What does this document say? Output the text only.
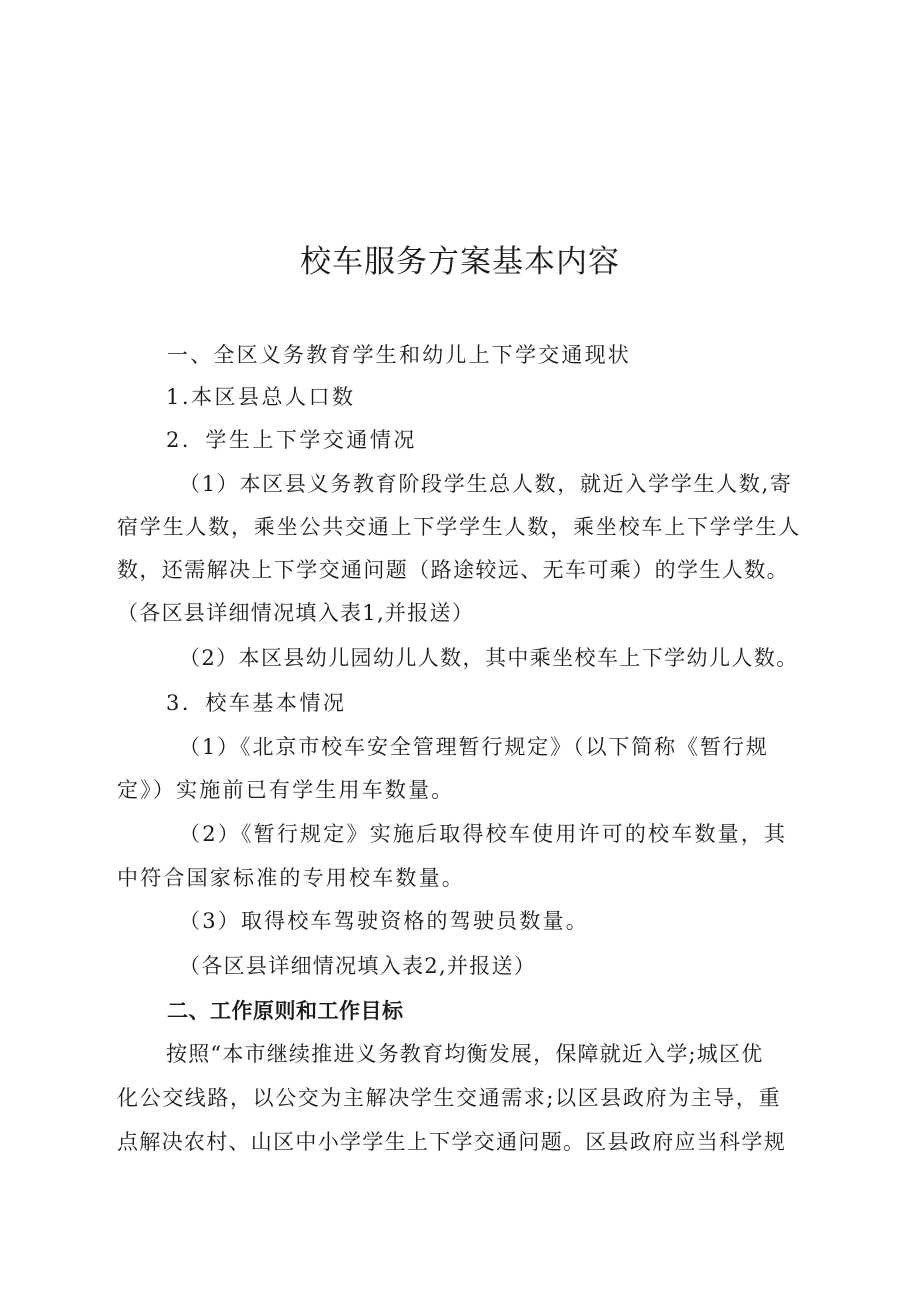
校车服务方案基本内容

一、全区义务教育学生和幼儿上下学交通现状

1.本区县总人口数

2．学生上下学交通情况

（1）本区县义务教育阶段学生总人数，就近入学学生人数,寄

宿学生人数，乘坐公共交通上下学学生人数，乘坐校车上下学学生人

数，还需解决上下学交通问题（路途较远、无车可乘）的学生人数。

（各区县详细情况填入表1,并报送）

（2）本区县幼儿园幼儿人数，其中乘坐校车上下学幼儿人数。

3．校车基本情况

（1）《北京市校车安全管理暂行规定》（以下简称《暂行规

定》）实施前已有学生用车数量。

（2）《暂行规定》实施后取得校车使用许可的校车数量，其

中符合国家标准的专用校车数量。

（3）取得校车驾驶资格的驾驶员数量。

（各区县详细情况填入表2,并报送）

二、工作原则和工作目标

按照“本市继续推进义务教育均衡发展，保障就近入学;城区优

化公交线路，以公交为主解决学生交通需求;以区县政府为主导，重

点解决农村、山区中小学学生上下学交通问题。区县政府应当科学规
